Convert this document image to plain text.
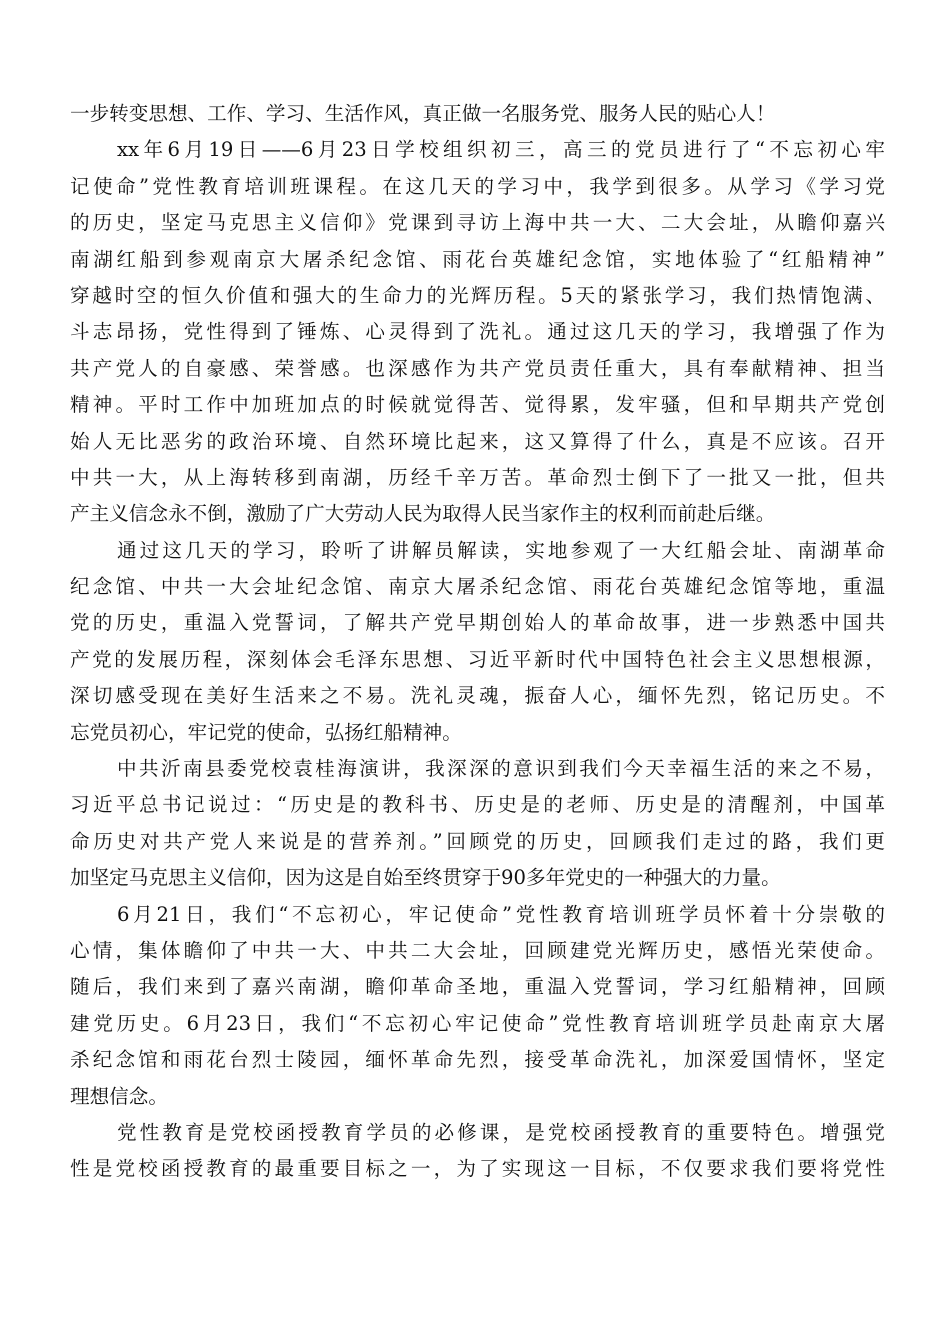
一步转变思想、工作、学习、生活作风，真正做一名服务党、服务人民的贴心人！
xx年6月19日——6月23日学校组织初三，高三的党员进行了“不忘初心牢
记使命”党性教育培训班课程。在这几天的学习中，我学到很多。从学习《学习党
的历史，坚定马克思主义信仰》党课到寻访上海中共一大、二大会址，从瞻仰嘉兴
南湖红船到参观南京大屠杀纪念馆、雨花台英雄纪念馆，实地体验了“红船精神”
穿越时空的恒久价值和强大的生命力的光辉历程。5天的紧张学习，我们热情饱满、
斗志昂扬，党性得到了锤炼、心灵得到了洗礼。通过这几天的学习，我增强了作为
共产党人的自豪感、荣誉感。也深感作为共产党员责任重大，具有奉献精神、担当
精神。平时工作中加班加点的时候就觉得苦、觉得累，发牢骚，但和早期共产党创
始人无比恶劣的政治环境、自然环境比起来，这又算得了什么，真是不应该。召开
中共一大，从上海转移到南湖，历经千辛万苦。革命烈士倒下了一批又一批，但共
产主义信念永不倒，激励了广大劳动人民为取得人民当家作主的权利而前赴后继。
通过这几天的学习，聆听了讲解员解读，实地参观了一大红船会址、南湖革命
纪念馆、中共一大会址纪念馆、南京大屠杀纪念馆、雨花台英雄纪念馆等地，重温
党的历史，重温入党誓词，了解共产党早期创始人的革命故事，进一步熟悉中国共
产党的发展历程，深刻体会毛泽东思想、习近平新时代中国特色社会主义思想根源，
深切感受现在美好生活来之不易。洗礼灵魂，振奋人心，缅怀先烈，铭记历史。不
忘党员初心，牢记党的使命，弘扬红船精神。
中共沂南县委党校袁桂海演讲，我深深的意识到我们今天幸福生活的来之不易，
习近平总书记说过：“历史是的教科书、历史是的老师、历史是的清醒剂，中国革
命历史对共产党人来说是的营养剂。”回顾党的历史，回顾我们走过的路，我们更
加坚定马克思主义信仰，因为这是自始至终贯穿于90多年党史的一种强大的力量。
6月21日，我们“不忘初心，牢记使命”党性教育培训班学员怀着十分崇敬的
心情，集体瞻仰了中共一大、中共二大会址，回顾建党光辉历史，感悟光荣使命。
随后，我们来到了嘉兴南湖，瞻仰革命圣地，重温入党誓词，学习红船精神，回顾
建党历史。6月23日，我们“不忘初心牢记使命”党性教育培训班学员赴南京大屠
杀纪念馆和雨花台烈士陵园，缅怀革命先烈，接受革命洗礼，加深爱国情怀，坚定
理想信念。
党性教育是党校函授教育学员的必修课，是党校函授教育的重要特色。增强党
性是党校函授教育的最重要目标之一，为了实现这一目标，不仅要求我们要将党性
